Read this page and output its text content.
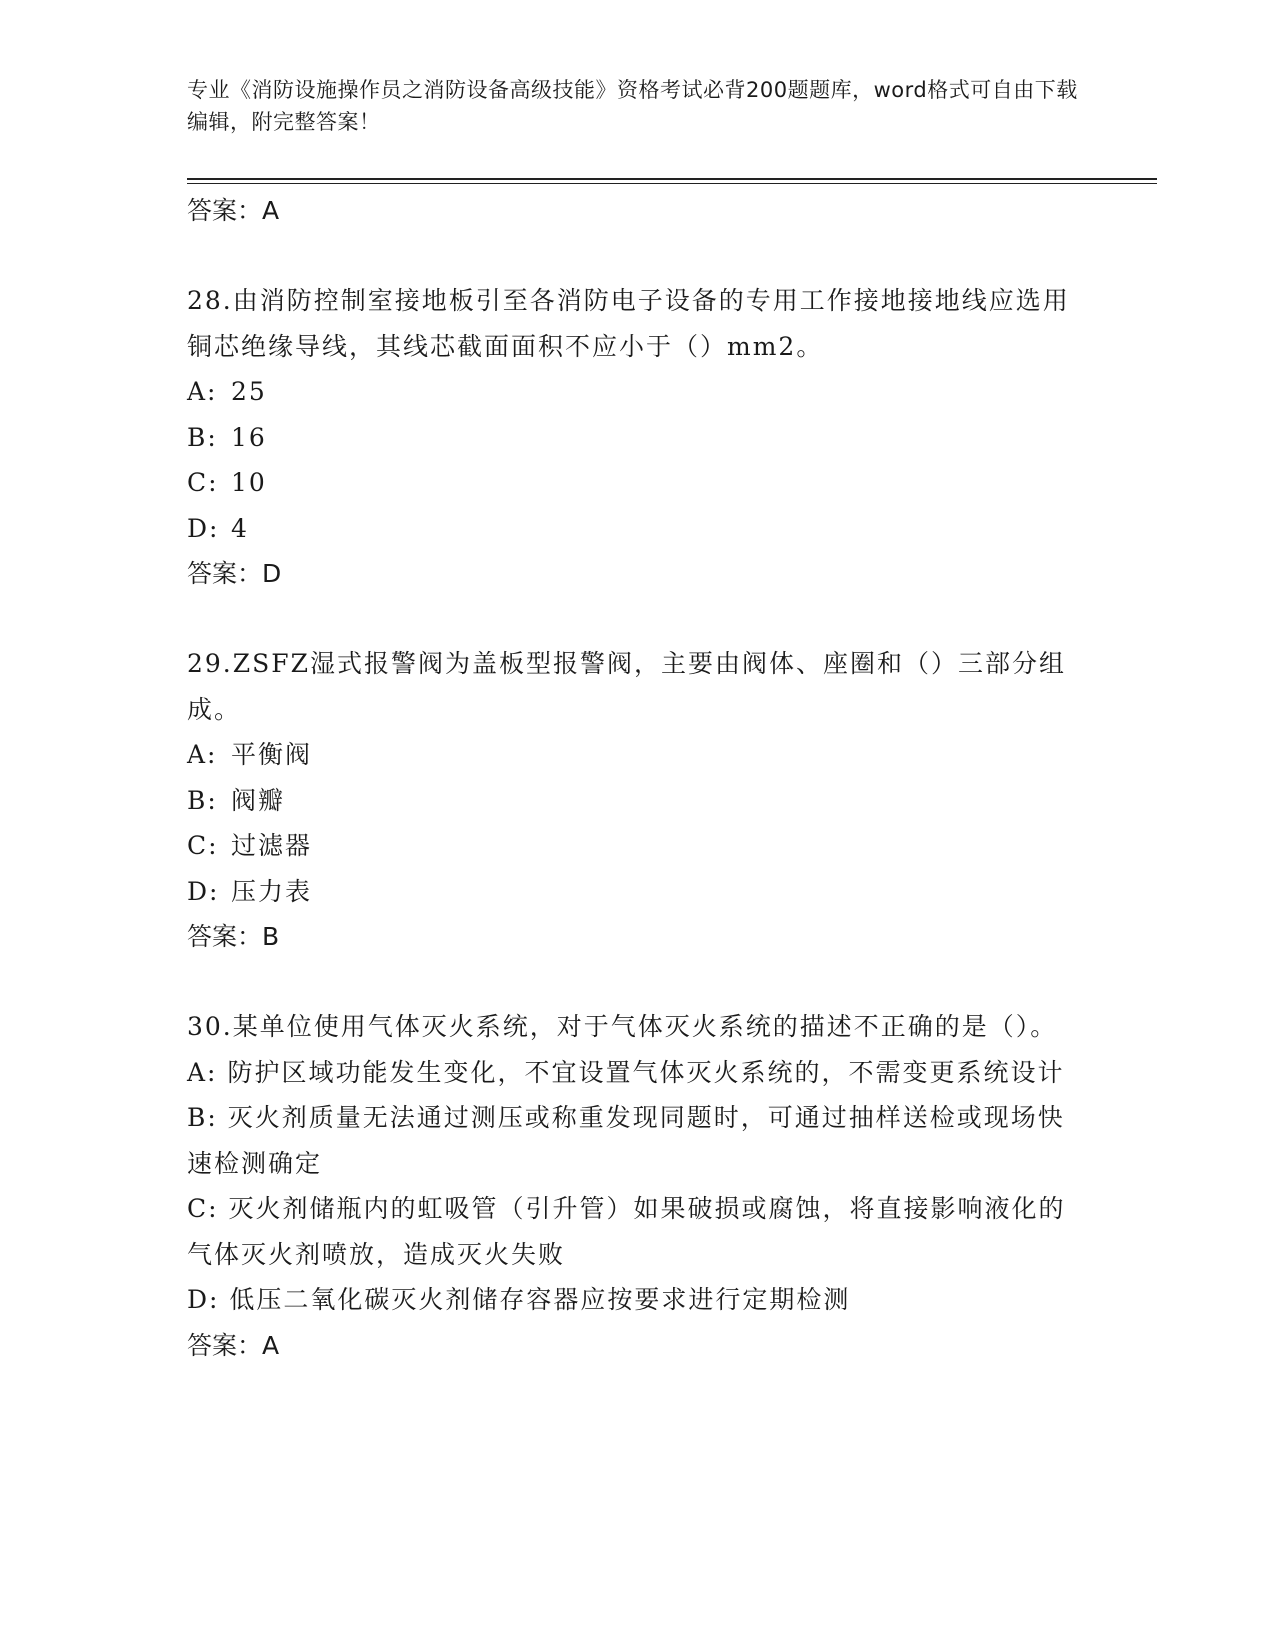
专业《消防设施操作员之消防设备高级技能》资格考试必背200题题库，word格式可自由下载编辑，附完整答案！

答案：A

28.由消防控制室接地板引至各消防电子设备的专用工作接地接地线应选用铜芯绝缘导线，其线芯截面面积不应小于（）mm2。

A: 25

B: 16

C: 10

D: 4

答案：D

29.ZSFZ湿式报警阀为盖板型报警阀，主要由阀体、座圈和（）三部分组成。

A: 平衡阀

B: 阀瓣

C: 过滤器

D: 压力表

答案：B

30.某单位使用气体灭火系统，对于气体灭火系统的描述不正确的是（）。

A: 防护区域功能发生变化，不宜设置气体灭火系统的，不需变更系统设计

B: 灭火剂质量无法通过测压或称重发现同题时，可通过抽样送检或现场快速检测确定

C: 灭火剂储瓶内的虹吸管（引升管）如果破损或腐蚀，将直接影响液化的气体灭火剂喷放，造成灭火失败

D: 低压二氧化碳灭火剂储存容器应按要求进行定期检测

答案：A
